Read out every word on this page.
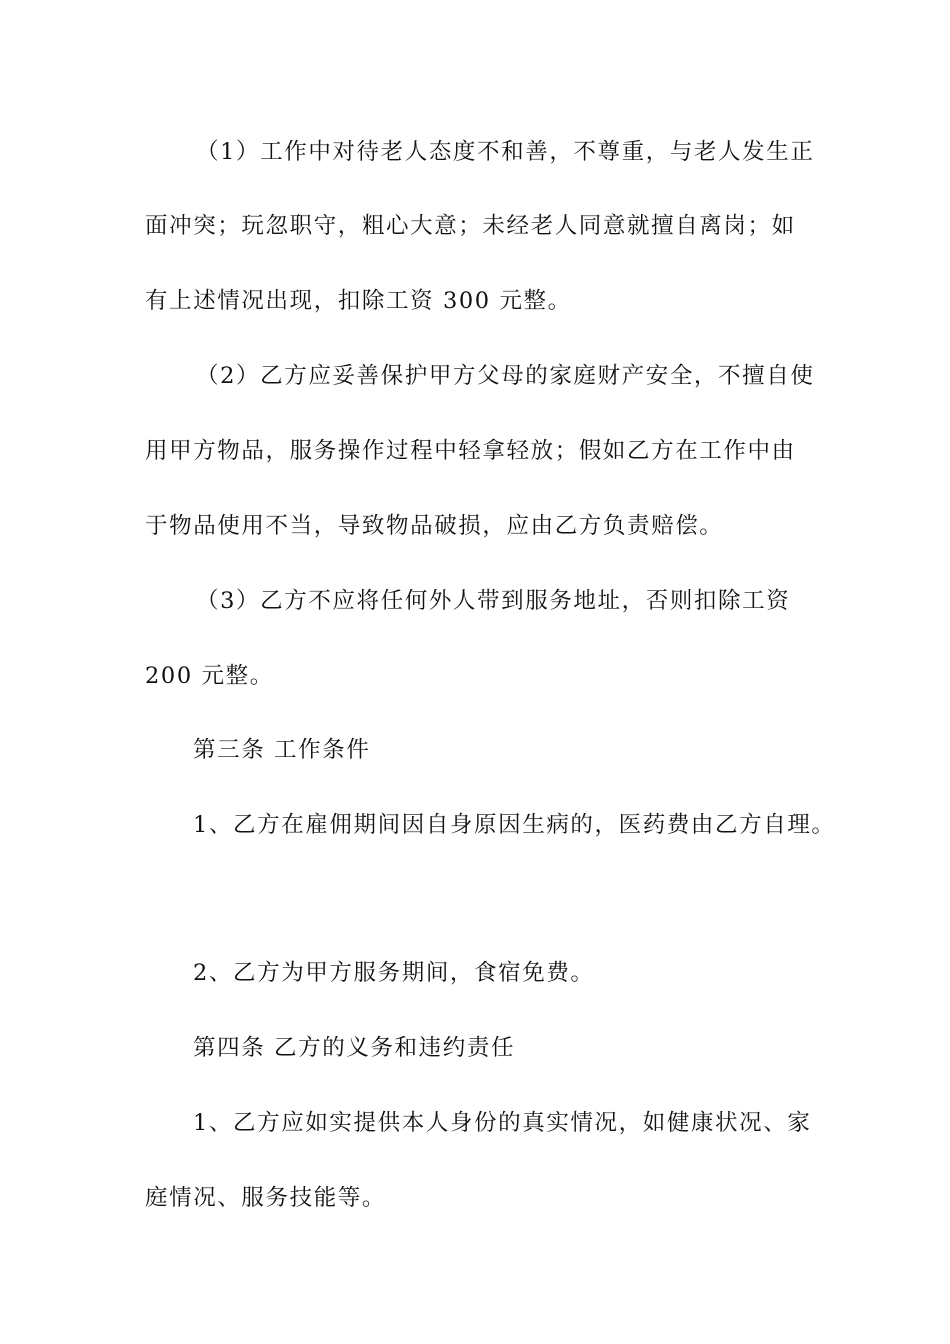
（1）工作中对待老人态度不和善，不尊重，与老人发生正
面冲突；玩忽职守，粗心大意；未经老人同意就擅自离岗；如
有上述情况出现，扣除工资 300 元整。
（2）乙方应妥善保护甲方父母的家庭财产安全，不擅自使
用甲方物品，服务操作过程中轻拿轻放；假如乙方在工作中由
于物品使用不当，导致物品破损，应由乙方负责赔偿。
（3）乙方不应将任何外人带到服务地址，否则扣除工资
200 元整。
第三条 工作条件
1、乙方在雇佣期间因自身原因生病的，医药费由乙方自理。
2、乙方为甲方服务期间，食宿免费。
第四条 乙方的义务和违约责任
1、乙方应如实提供本人身份的真实情况，如健康状况、家
庭情况、服务技能等。
